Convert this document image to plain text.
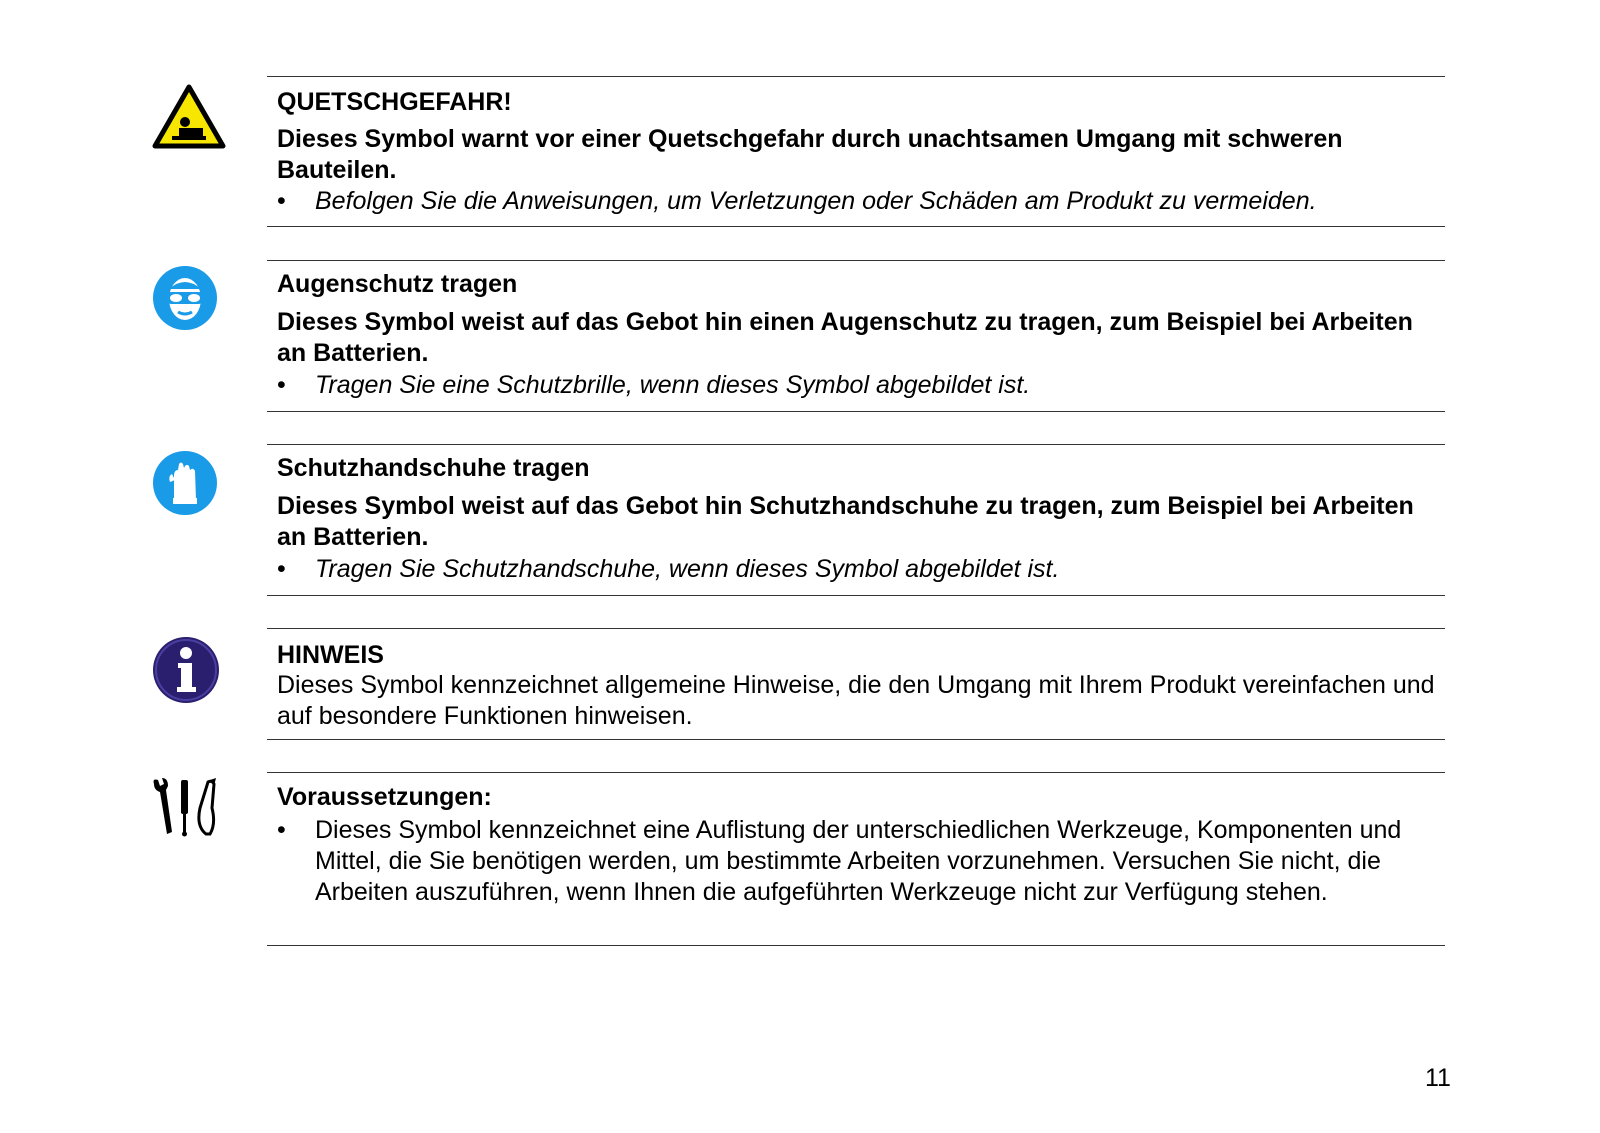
QUETSCHGEFAHR!
Dieses Symbol warnt vor einer Quetschgefahr durch unachtsamen Umgang mit schweren Bauteilen.
• Befolgen Sie die Anweisungen, um Verletzungen oder Schäden am Produkt zu vermeiden.
Augenschutz tragen
Dieses Symbol weist auf das Gebot hin einen Augenschutz zu tragen, zum Beispiel bei Arbeiten an Batterien.
• Tragen Sie eine Schutzbrille, wenn dieses Symbol abgebildet ist.
Schutzhandschuhe tragen
Dieses Symbol weist auf das Gebot hin Schutzhandschuhe zu tragen, zum Beispiel bei Arbeiten an Batterien.
• Tragen Sie Schutzhandschuhe, wenn dieses Symbol abgebildet ist.
HINWEIS
Dieses Symbol kennzeichnet allgemeine Hinweise, die den Umgang mit Ihrem Produkt vereinfachen und auf besondere Funktionen hinweisen.
Voraussetzungen:
• Dieses Symbol kennzeichnet eine Auflistung der unterschiedlichen Werkzeuge, Komponenten und Mittel, die Sie benötigen werden, um bestimmte Arbeiten vorzunehmen. Versuchen Sie nicht, die Arbeiten auszuführen, wenn Ihnen die aufgeführten Werkzeuge nicht zur Verfügung stehen.
11
